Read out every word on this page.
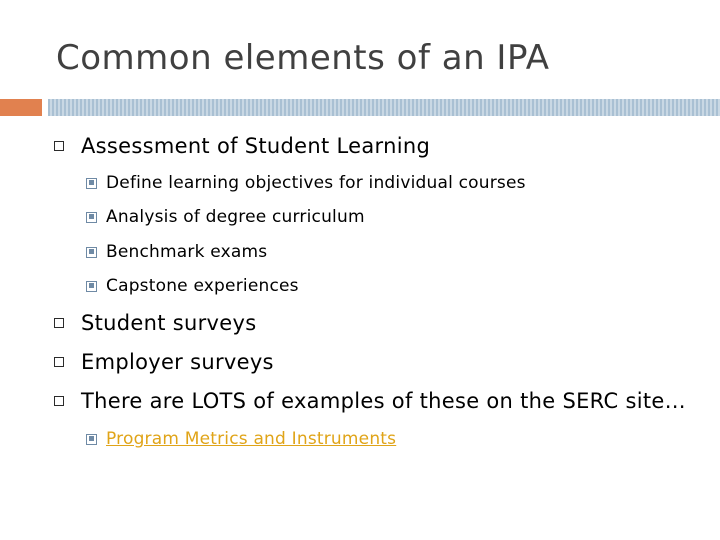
Common elements of an IPA
Assessment of Student Learning
Define learning objectives for individual courses
Analysis of degree curriculum
Benchmark exams
Capstone experiences
Student surveys
Employer surveys
There are LOTS of examples of these on the SERC site…
Program Metrics and Instruments
